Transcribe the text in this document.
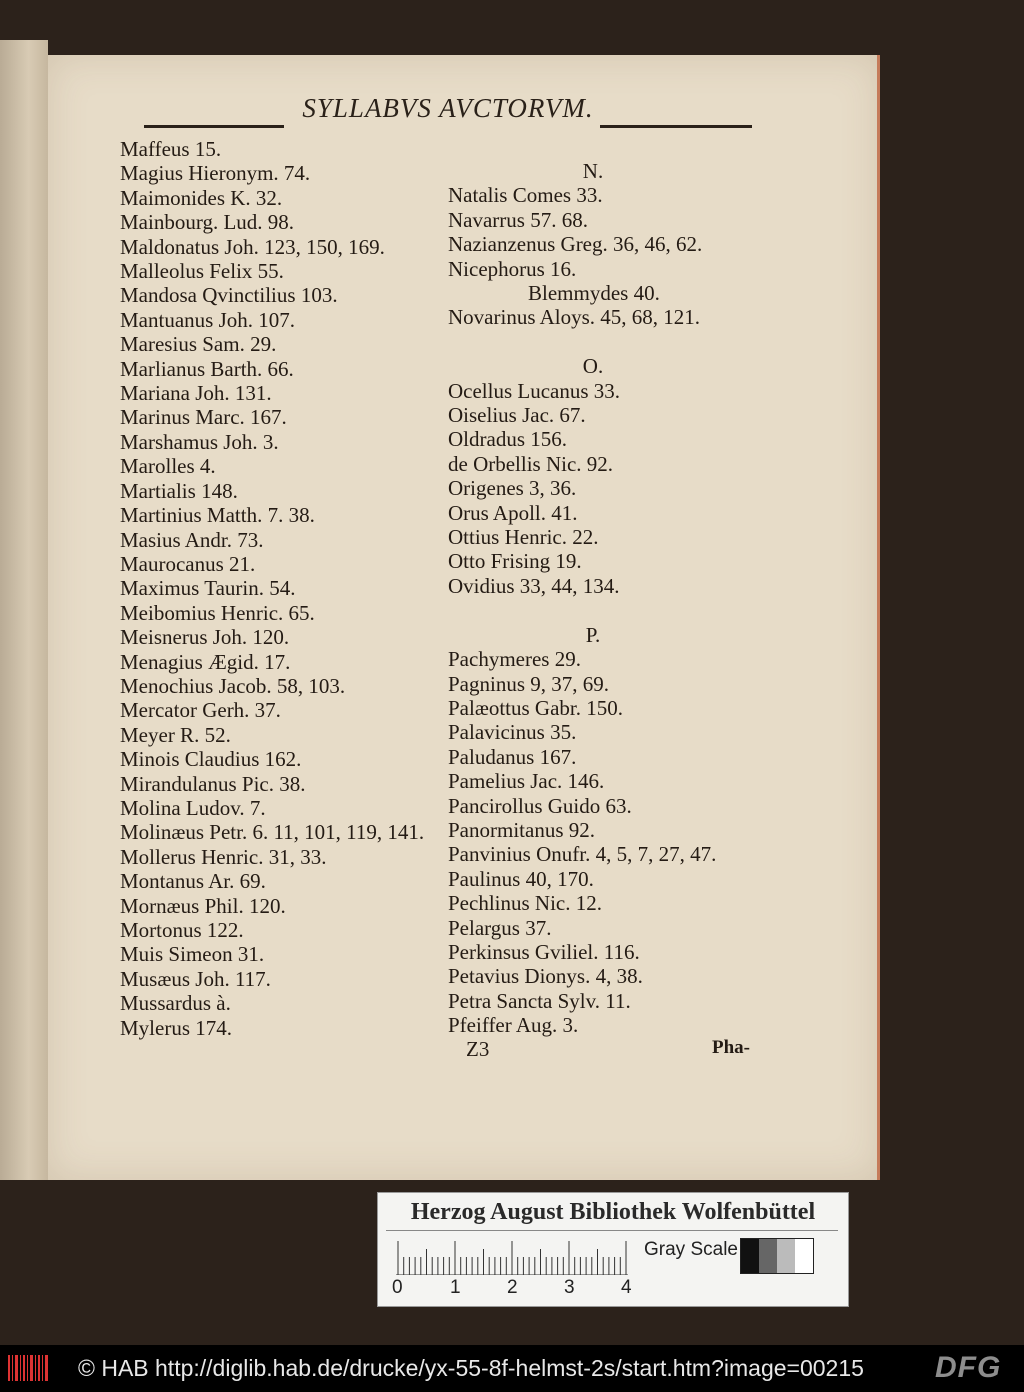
SYLLABVS AVCTORVM.
Maffeus 15.
Magius Hieronym. 74.
Maimonides K. 32.
Mainbourg. Lud. 98.
Maldonatus Joh. 123, 150, 169.
Malleolus Felix 55.
Mandosa Qvinctilius 103.
Mantuanus Joh. 107.
Maresius Sam. 29.
Marlianus Barth. 66.
Mariana Joh. 131.
Marinus Marc. 167.
Marshamus Joh. 3.
Marolles 4.
Martialis 148.
Martinius Matth. 7. 38.
Masius Andr. 73.
Maurocanus 21.
Maximus Taurin. 54.
Meibomius Henric. 65.
Meisnerus Joh. 120.
Menagius Ægid. 17.
Menochius Jacob. 58, 103.
Mercator Gerh. 37.
Meyer R. 52.
Minois Claudius 162.
Mirandulanus Pic. 38.
Molina Ludov. 7.
Molinæus Petr. 6. 11, 101, 119, 141.
Mollerus Henric. 31, 33.
Montanus Ar. 69.
Mornæus Phil. 120.
Mortonus 122.
Muis Simeon 31.
Musæus Joh. 117.
Mussardus à.
Mylerus 174.
N.
Natalis Comes 33.
Navarrus 57. 68.
Nazianzenus Greg. 36, 46, 62.
Nicephorus 16.
Blemmydes 40.
Novarinus Aloys. 45, 68, 121.
O.
Ocellus Lucanus 33.
Oiselius Jac. 67.
Oldradus 156.
de Orbellis Nic. 92.
Origenes 3, 36.
Orus Apoll. 41.
Ottius Henric. 22.
Otto Frising 19.
Ovidius 33, 44, 134.
P.
Pachymeres 29.
Pagninus 9, 37, 69.
Palæottus Gabr. 150.
Palavicinus 35.
Paludanus 167.
Pamelius Jac. 146.
Pancirollus Guido 63.
Panormitanus 92.
Panvinius Onufr. 4, 5, 7, 27, 47.
Paulinus 40, 170.
Pechlinus Nic. 12.
Pelargus 37.
Perkinsus Gviliel. 116.
Petavius Dionys. 4, 38.
Petra Sancta Sylv. 11.
Pfeiffer Aug. 3.
Z3	Pha-
Herzog August Bibliothek Wolfenbüttel
0 1 2 3 4
Gray Scale
© HAB http://diglib.hab.de/drucke/yx-55-8f-helmst-2s/start.htm?image=00215 DFG
